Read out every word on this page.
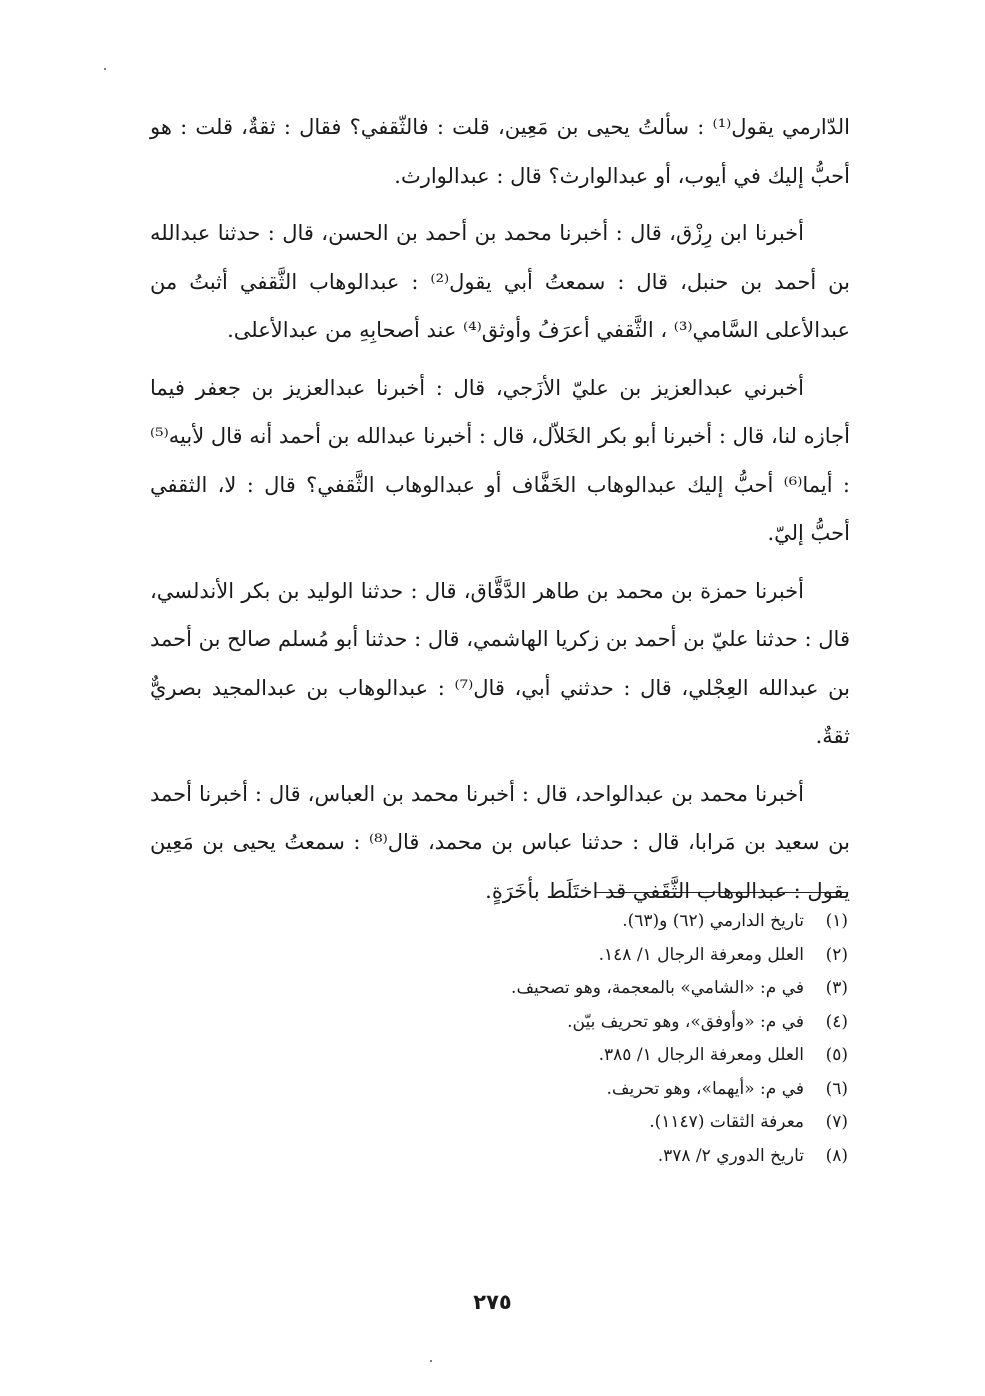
الدّارمي يقول⁽¹⁾ : سألتُ يحيى بن مَعِين، قلت : فالثّقفي؟ فقال : ثقةٌ، قلت : هو أحبُّ إليك في أيوب، أو عبدالوارث؟ قال : عبدالوارث.

أخبرنا ابن رِزْق، قال : أخبرنا محمد بن أحمد بن الحسن، قال : حدثنا عبدالله بن أحمد بن حنبل، قال : سمعتُ أبي يقول⁽²⁾ : عبدالوهاب الثَّقفي أثبتُ من عبدالأعلى السَّامي⁽³⁾ ، الثَّقفي أعرَفُ وأوثق⁽⁴⁾ عند أصحابِهِ من عبدالأعلى.

أخبرني عبدالعزيز بن عليّ الأزَجي، قال : أخبرنا عبدالعزيز بن جعفر فيما أجازه لنا، قال : أخبرنا أبو بكر الخَلاّل، قال : أخبرنا عبدالله بن أحمد أنه قال لأبيه⁽⁵⁾ : أيما⁽⁶⁾ أحبُّ إليك عبدالوهاب الخَفَّاف أو عبدالوهاب الثَّقفي؟ قال : لا، الثقفي أحبُّ إليّ.

أخبرنا حمزة بن محمد بن طاهر الدَّقَّاق، قال : حدثنا الوليد بن بكر الأندلسي، قال : حدثنا عليّ بن أحمد بن زكريا الهاشمي، قال : حدثنا أبو مُسلم صالح بن أحمد بن عبدالله العِجْلي، قال : حدثني أبي، قال⁽⁷⁾ : عبدالوهاب بن عبدالمجيد بصريٌّ ثقةٌ.

أخبرنا محمد بن عبدالواحد، قال : أخبرنا محمد بن العباس، قال : أخبرنا أحمد بن سعيد بن مَرابا، قال : حدثنا عباس بن محمد، قال⁽⁸⁾ : سمعتُ يحيى بن مَعِين يقول : عبدالوهاب الثَّقَفي قد اختَلَط بأخَرَةٍ.

(١)
تاريخ الدارمي (٦٢) و(٦٣).
(٢)
العلل ومعرفة الرجال ١/ ١٤٨.
(٣)
في م: «الشامي» بالمعجمة، وهو تصحيف.
(٤)
في م: «وأوفق»، وهو تحريف بيّن.
(٥)
العلل ومعرفة الرجال ١/ ٣٨٥.
(٦)
في م: «أيهما»، وهو تحريف.
(٧)
معرفة الثقات (١١٤٧).
(٨)
تاريخ الدوري ٢/ ٣٧٨.
٢٧٥
